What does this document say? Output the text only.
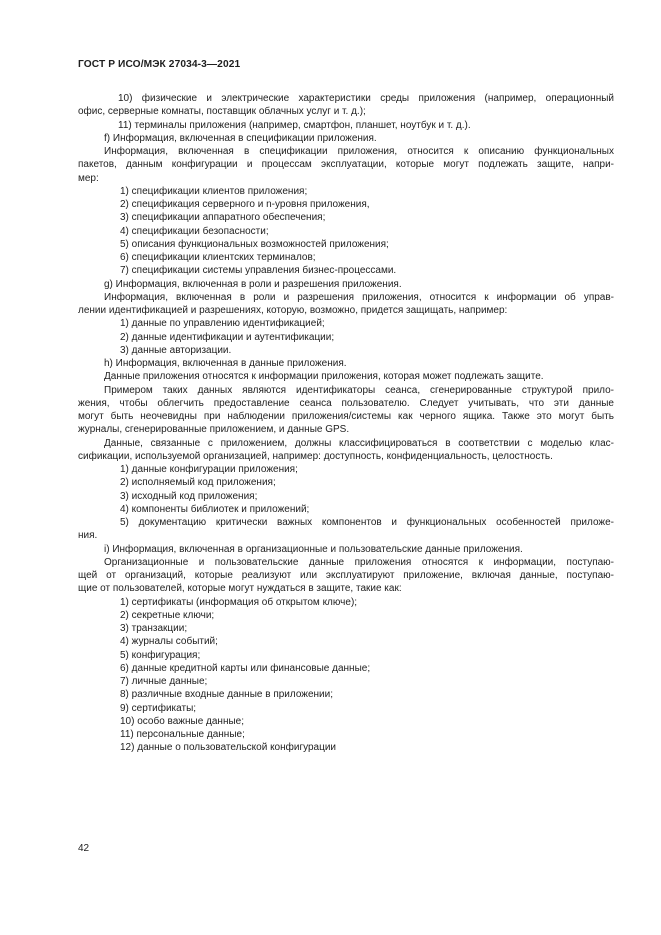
ГОСТ Р ИСО/МЭК 27034-3—2021
10) физические и электрические характеристики среды приложения (например, операционный
офис, серверные комнаты, поставщик облачных услуг и т. д.);
11) терминалы приложения (например, смартфон, планшет, ноутбук и т. д.).
f) Информация, включенная в спецификации приложения.
Информация, включенная в спецификации приложения, относится к описанию функциональных
пакетов, данным конфигурации и процессам эксплуатации, которые могут подлежать защите, напри-
мер:
1) спецификации клиентов приложения;
2) спецификация серверного и n-уровня приложения,
3) спецификации аппаратного обеспечения;
4) спецификации безопасности;
5) описания функциональных возможностей приложения;
6) спецификации клиентских терминалов;
7) спецификации системы управления бизнес-процессами.
g) Информация, включенная в роли и разрешения приложения.
Информация, включенная в роли и разрешения приложения, относится к информации об управ-
лении идентификацией и разрешениях, которую, возможно, придется защищать, например:
1) данные по управлению идентификацией;
2) данные идентификации и аутентификации;
3) данные авторизации.
h) Информация, включенная в данные приложения.
Данные приложения относятся к информации приложения, которая может подлежать защите.
Примером таких данных являются идентификаторы сеанса, сгенерированные структурой прило-
жения, чтобы облегчить предоставление сеанса пользователю. Следует учитывать, что эти данные
могут быть неочевидны при наблюдении приложения/системы как черного ящика. Также это могут быть
журналы, сгенерированные приложением, и данные GPS.
Данные, связанные с приложением, должны классифицироваться в соответствии с моделью клас-
сификации, используемой организацией, например: доступность, конфиденциальность, целостность.
1) данные конфигурации приложения;
2) исполняемый код приложения;
3) исходный код приложения;
4) компоненты библиотек и приложений;
5) документацию критически важных компонентов и функциональных особенностей приложе-
ния.
i) Информация, включенная в организационные и пользовательские данные приложения.
Организационные и пользовательские данные приложения относятся к информации, поступаю-
щей от организаций, которые реализуют или эксплуатируют приложение, включая данные, поступаю-
щие от пользователей, которые могут нуждаться в защите, такие как:
1) сертификаты (информация об открытом ключе);
2) секретные ключи;
3) транзакции;
4) журналы событий;
5) конфигурация;
6) данные кредитной карты или финансовые данные;
7) личные данные;
8) различные входные данные в приложении;
9) сертификаты;
10) особо важные данные;
11) персональные данные;
12) данные о пользовательской конфигурации
42
